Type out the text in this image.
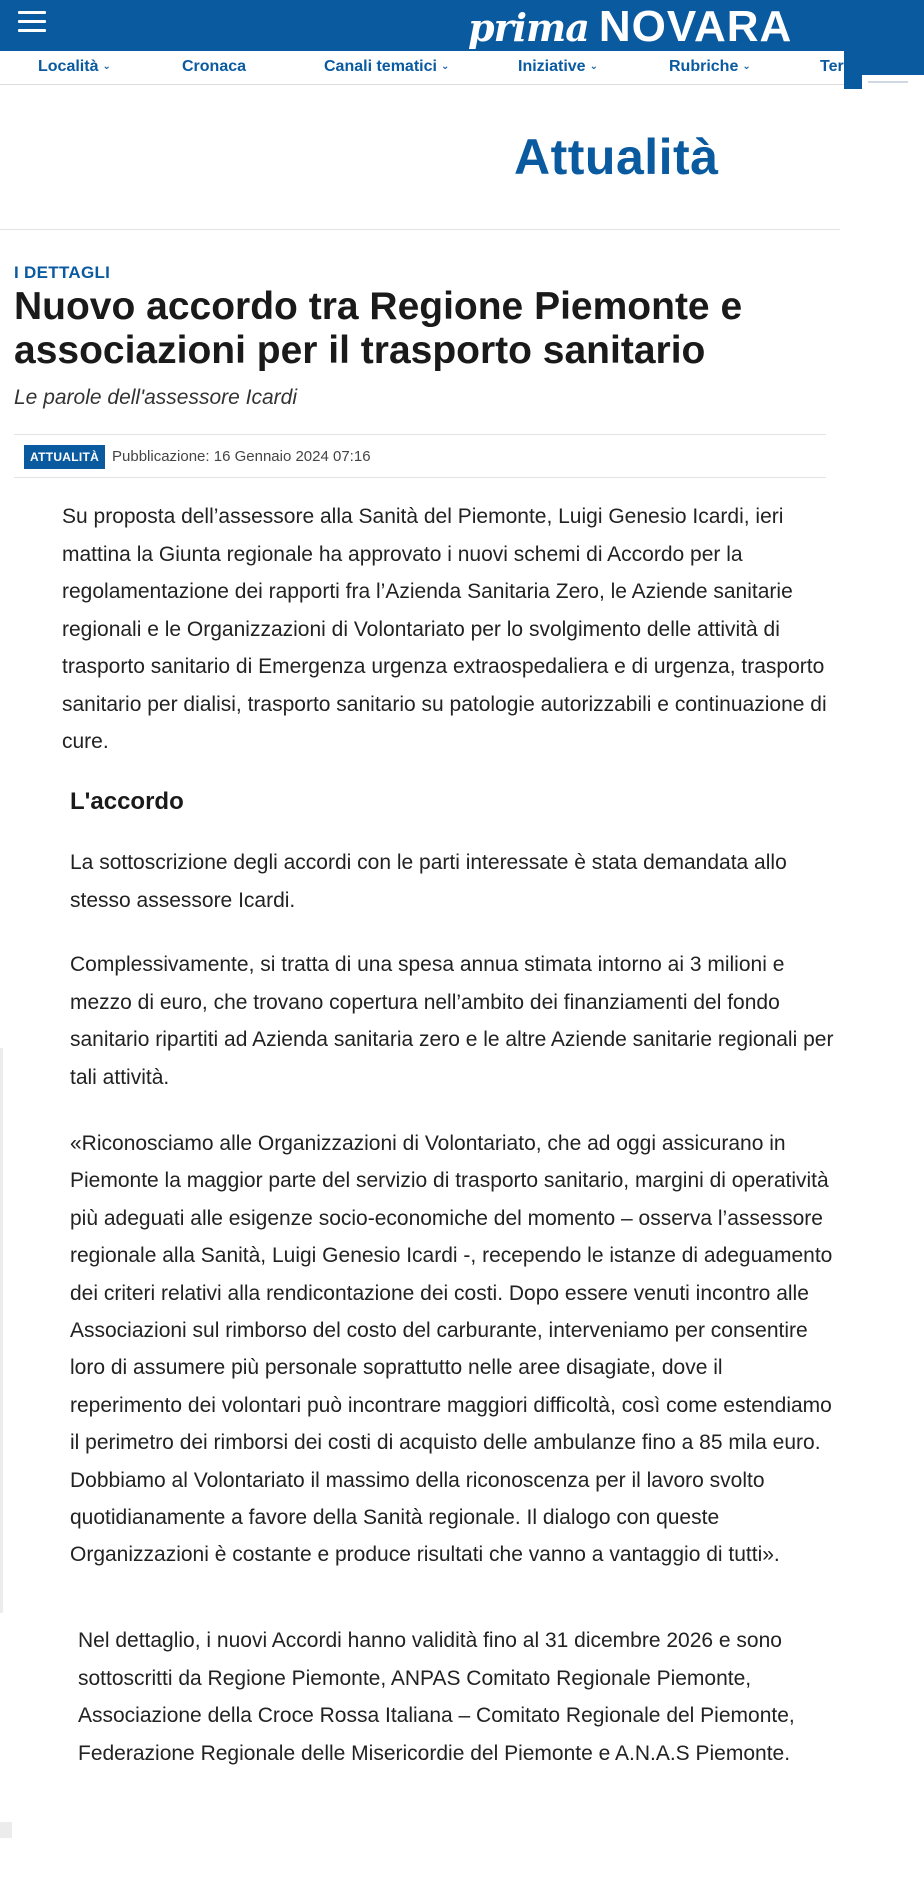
prima NOVARA
Località ⌄	Cronaca	Canali tematici ⌄	Iniziative ⌄	Rubriche ⌄	Ter
Attualità
I DETTAGLI
Nuovo accordo tra Regione Piemonte e associazioni per il trasporto sanitario
Le parole dell'assessore Icardi
ATTUALITÀ Pubblicazione: 16 Gennaio 2024 07:16

Su proposta dell’assessore alla Sanità del Piemonte, Luigi Genesio Icardi, ieri mattina la Giunta regionale ha approvato i nuovi schemi di Accordo per la regolamentazione dei rapporti fra l’Azienda Sanitaria Zero, le Aziende sanitarie regionali e le Organizzazioni di Volontariato per lo svolgimento delle attività di trasporto sanitario di Emergenza urgenza extraospedaliera e di urgenza, trasporto sanitario per dialisi, trasporto sanitario su patologie autorizzabili e continuazione di cure.

L'accordo

La sottoscrizione degli accordi con le parti interessate è stata demandata allo stesso assessore Icardi.

Complessivamente, si tratta di una spesa annua stimata intorno ai 3 milioni e mezzo di euro, che trovano copertura nell’ambito dei finanziamenti del fondo sanitario ripartiti ad Azienda sanitaria zero e le altre Aziende sanitarie regionali per tali attività.

«Riconosciamo alle Organizzazioni di Volontariato, che ad oggi assicurano in Piemonte la maggior parte del servizio di trasporto sanitario, margini di operatività più adeguati alle esigenze socio-economiche del momento – osserva l’assessore regionale alla Sanità, Luigi Genesio Icardi -, recependo le istanze di adeguamento dei criteri relativi alla rendicontazione dei costi. Dopo essere venuti incontro alle Associazioni sul rimborso del costo del carburante, interveniamo per consentire loro di assumere più personale soprattutto nelle aree disagiate, dove il reperimento dei volontari può incontrare maggiori difficoltà, così come estendiamo il perimetro dei rimborsi dei costi di acquisto delle ambulanze fino a 85 mila euro. Dobbiamo al Volontariato il massimo della riconoscenza per il lavoro svolto quotidianamente a favore della Sanità regionale. Il dialogo con queste Organizzazioni è costante e produce risultati che vanno a vantaggio di tutti».

Nel dettaglio, i nuovi Accordi hanno validità fino al 31 dicembre 2026 e sono sottoscritti da Regione Piemonte, ANPAS Comitato Regionale Piemonte, Associazione della Croce Rossa Italiana – Comitato Regionale del Piemonte, Federazione Regionale delle Misericordie del Piemonte e A.N.A.S Piemonte.
